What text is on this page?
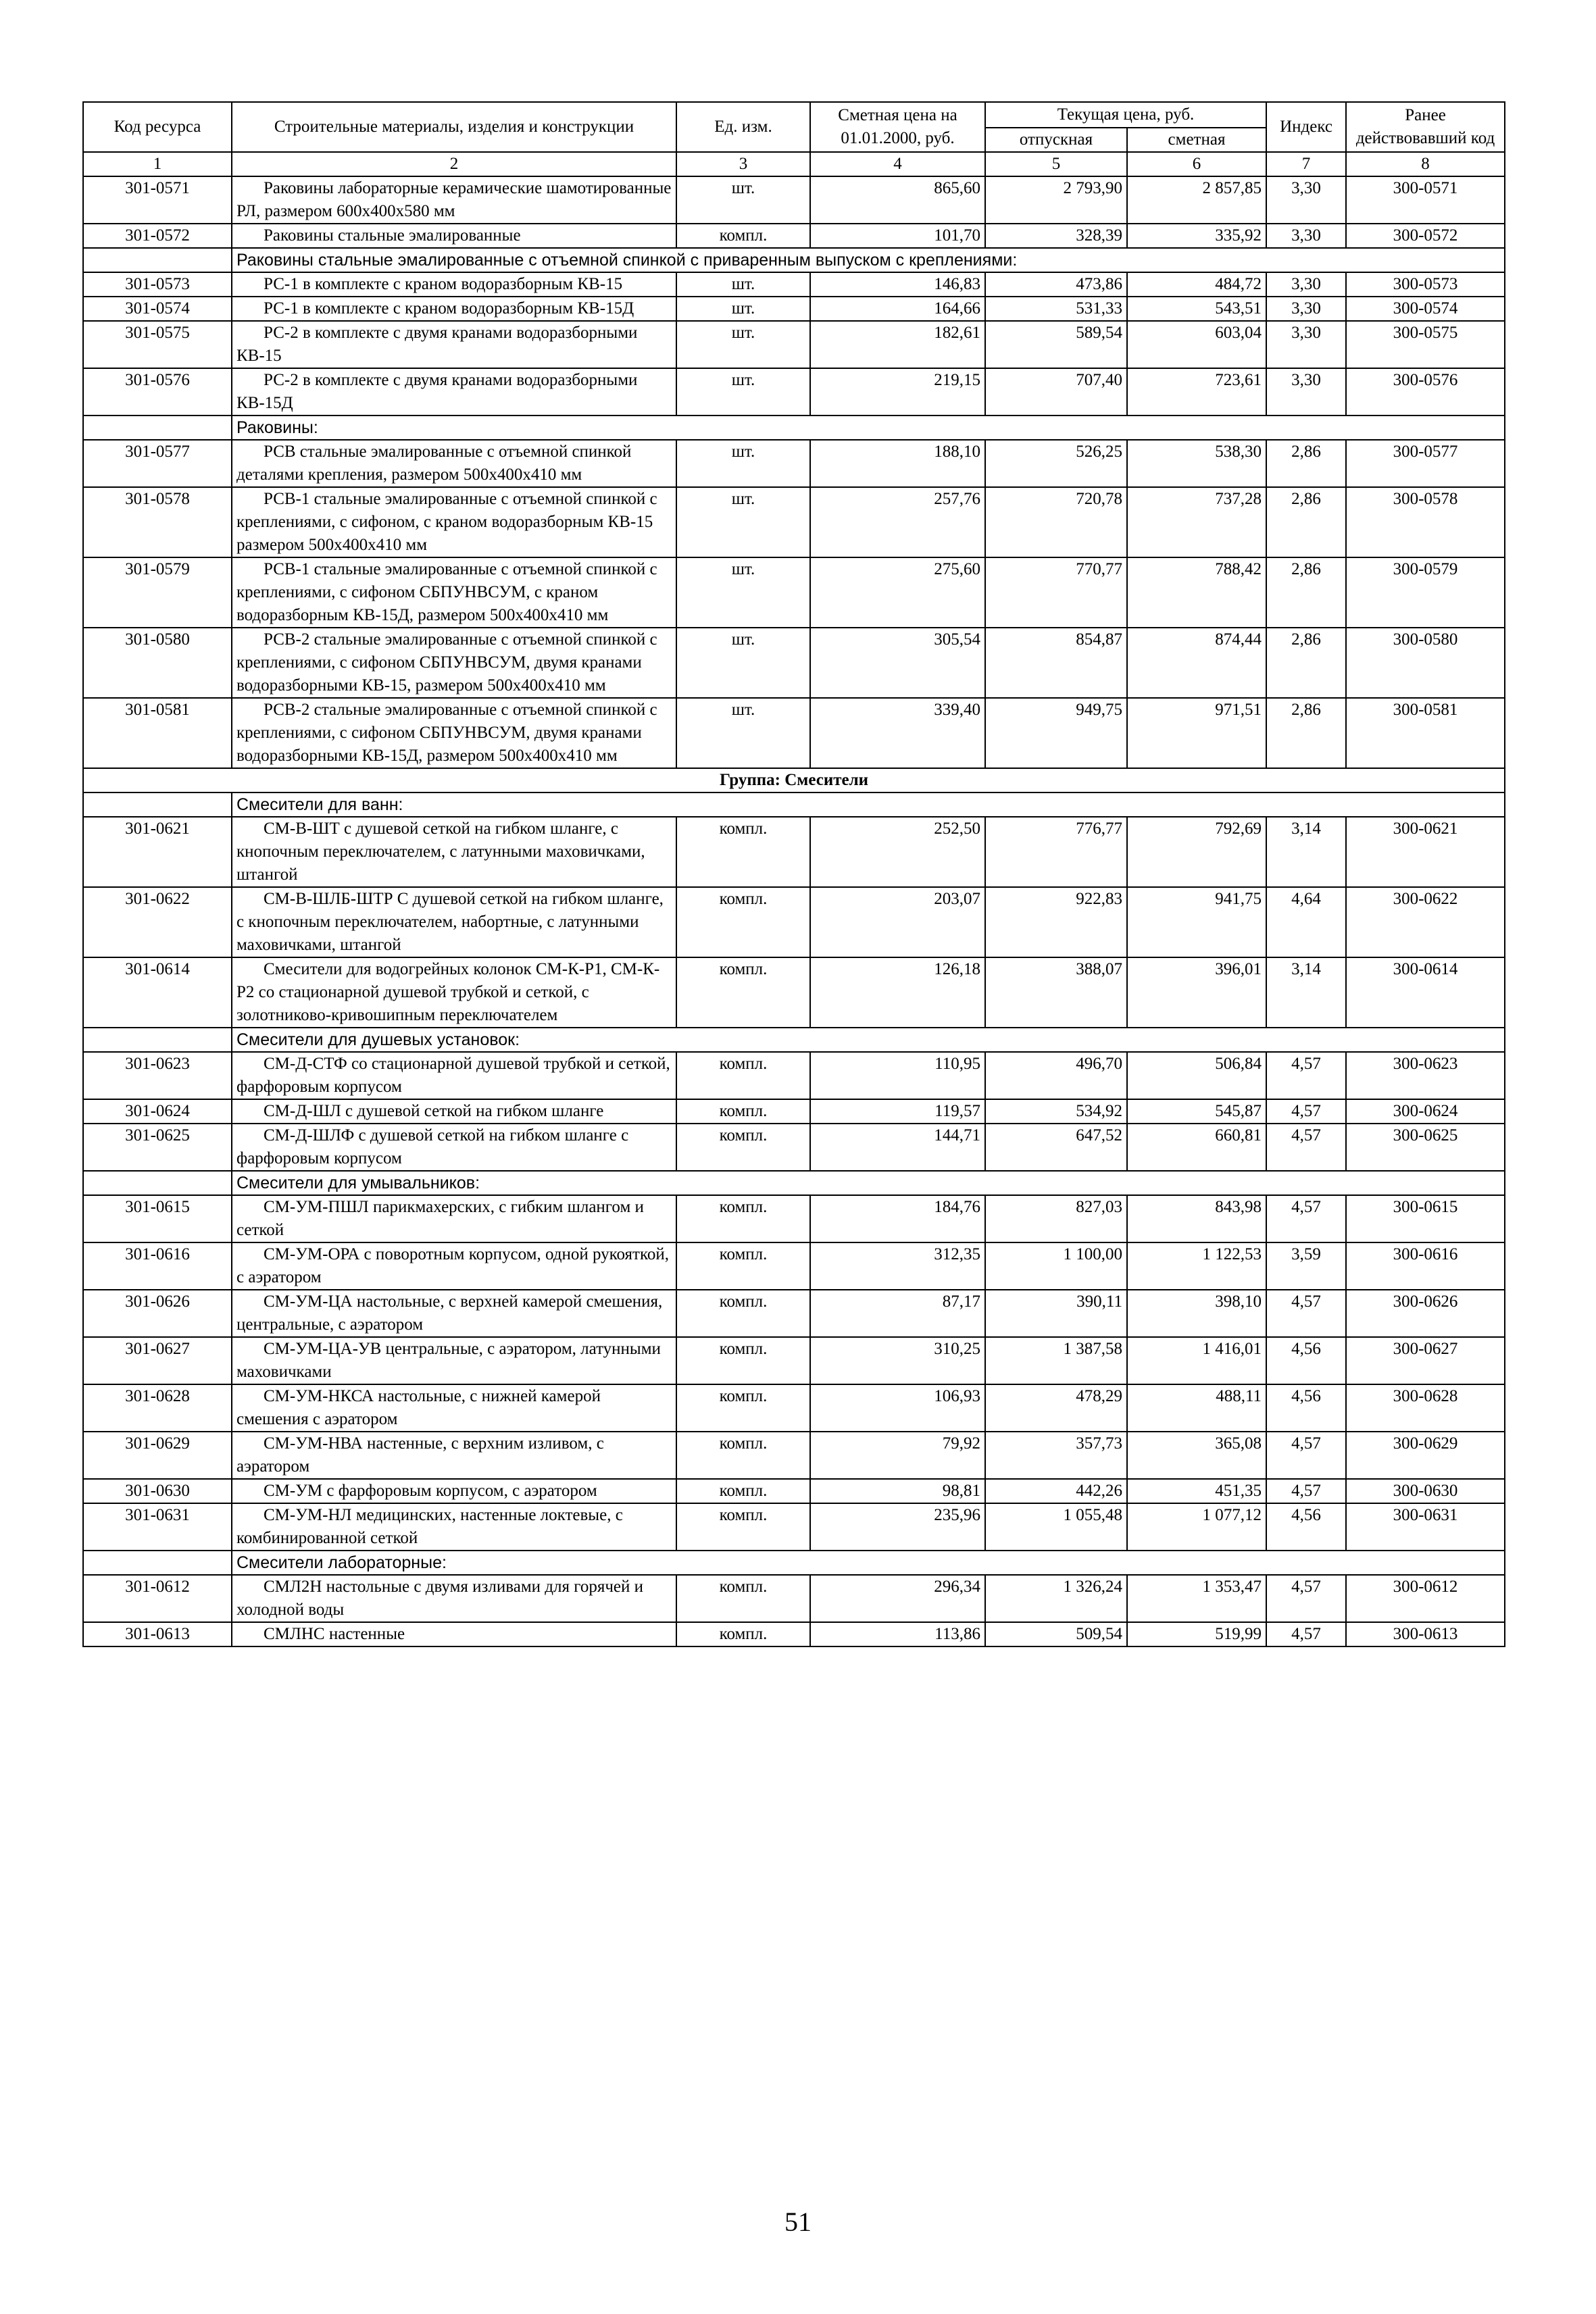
Код ресурса	Строительные материалы, изделия и конструкции	Ед. изм.	Сметная цена на 01.01.2000, руб.	Текущая цена, руб.		Индекс	Ранее действовавший код
				отпускная	сметная		
1	2	3	4	5	6	7	8
301-0571	Раковины лабораторные керамические шамотированные РЛ, размером 600х400х580 мм	шт.	865,60	2 793,90	2 857,85	3,30	300-0571
301-0572	Раковины стальные эмалированные	компл.	101,70	328,39	335,92	3,30	300-0572
	Раковины стальные эмалированные с отъемной спинкой с приваренным выпуском с креплениями:						
301-0573	РС-1 в комплекте с краном водоразборным КВ-15	шт.	146,83	473,86	484,72	3,30	300-0573
301-0574	РС-1 в комплекте с краном водоразборным КВ-15Д	шт.	164,66	531,33	543,51	3,30	300-0574
301-0575	РС-2 в комплекте с двумя кранами водоразборными КВ-15	шт.	182,61	589,54	603,04	3,30	300-0575
301-0576	РС-2 в комплекте с двумя кранами водоразборными КВ-15Д	шт.	219,15	707,40	723,61	3,30	300-0576
	Раковины:						
301-0577	РСВ стальные эмалированные с отъемной спинкой деталями крепления, размером 500х400х410 мм	шт.	188,10	526,25	538,30	2,86	300-0577
301-0578	РСВ-1 стальные эмалированные с отъемной спинкой с креплениями, с сифоном, с краном водоразборным КВ-15 размером 500х400х410 мм	шт.	257,76	720,78	737,28	2,86	300-0578
301-0579	РСВ-1 стальные эмалированные с отъемной спинкой с креплениями, с сифоном СБПУНВСУМ, с краном водоразборным КВ-15Д, размером 500х400х410 мм	шт.	275,60	770,77	788,42	2,86	300-0579
301-0580	РСВ-2 стальные эмалированные с отъемной спинкой с креплениями, с сифоном СБПУНВСУМ, двумя кранами водоразборными КВ-15, размером 500х400х410 мм	шт.	305,54	854,87	874,44	2,86	300-0580
301-0581	РСВ-2 стальные эмалированные с отъемной спинкой с креплениями, с сифоном СБПУНВСУМ, двумя кранами водоразборными КВ-15Д, размером 500х400х410 мм	шт.	339,40	949,75	971,51	2,86	300-0581
Группа: Смесители							
	Смесители для ванн:						
301-0621	СМ-В-ШТ с душевой сеткой на гибком шланге, с кнопочным переключателем, с латунными маховичками, штангой	компл.	252,50	776,77	792,69	3,14	300-0621
301-0622	СМ-В-ШЛБ-ШТР С душевой сеткой на гибком шланге, с кнопочным переключателем, набортные, с латунными маховичками, штангой	компл.	203,07	922,83	941,75	4,64	300-0622
301-0614	Смесители для водогрейных колонок СМ-К-Р1, СМ-К-Р2 со стационарной душевой трубкой и сеткой, с золотниково-кривошипным переключателем	компл.	126,18	388,07	396,01	3,14	300-0614
	Смесители для душевых установок:						
301-0623	СМ-Д-СТФ со стационарной душевой трубкой и сеткой, фарфоровым корпусом	компл.	110,95	496,70	506,84	4,57	300-0623
301-0624	СМ-Д-ШЛ с душевой сеткой на гибком шланге	компл.	119,57	534,92	545,87	4,57	300-0624
301-0625	СМ-Д-ШЛФ с душевой сеткой на гибком шланге с фарфоровым корпусом	компл.	144,71	647,52	660,81	4,57	300-0625
	Смесители для умывальников:						
301-0615	СМ-УМ-ПШЛ парикмахерских, с гибким шлангом и сеткой	компл.	184,76	827,03	843,98	4,57	300-0615
301-0616	СМ-УМ-ОРА с поворотным корпусом, одной рукояткой, с аэратором	компл.	312,35	1 100,00	1 122,53	3,59	300-0616
301-0626	СМ-УМ-ЦА настольные, с верхней камерой смешения, центральные, с аэратором	компл.	87,17	390,11	398,10	4,57	300-0626
301-0627	СМ-УМ-ЦА-УВ центральные, с аэратором, латунными маховичками	компл.	310,25	1 387,58	1 416,01	4,56	300-0627
301-0628	СМ-УМ-НКСА настольные, с нижней камерой смешения с аэратором	компл.	106,93	478,29	488,11	4,56	300-0628
301-0629	СМ-УМ-НВА настенные, с верхним изливом, с аэратором	компл.	79,92	357,73	365,08	4,57	300-0629
301-0630	СМ-УМ с фарфоровым корпусом, с аэратором	компл.	98,81	442,26	451,35	4,57	300-0630
301-0631	СМ-УМ-НЛ медицинских, настенные локтевые, с комбинированной сеткой	компл.	235,96	1 055,48	1 077,12	4,56	300-0631
	Смесители лабораторные:						
301-0612	СМЛ2Н настольные с двумя изливами для горячей и холодной воды	компл.	296,34	1 326,24	1 353,47	4,57	300-0612
301-0613	СМЛНС настенные	компл.	113,86	509,54	519,99	4,57	300-0613
51
